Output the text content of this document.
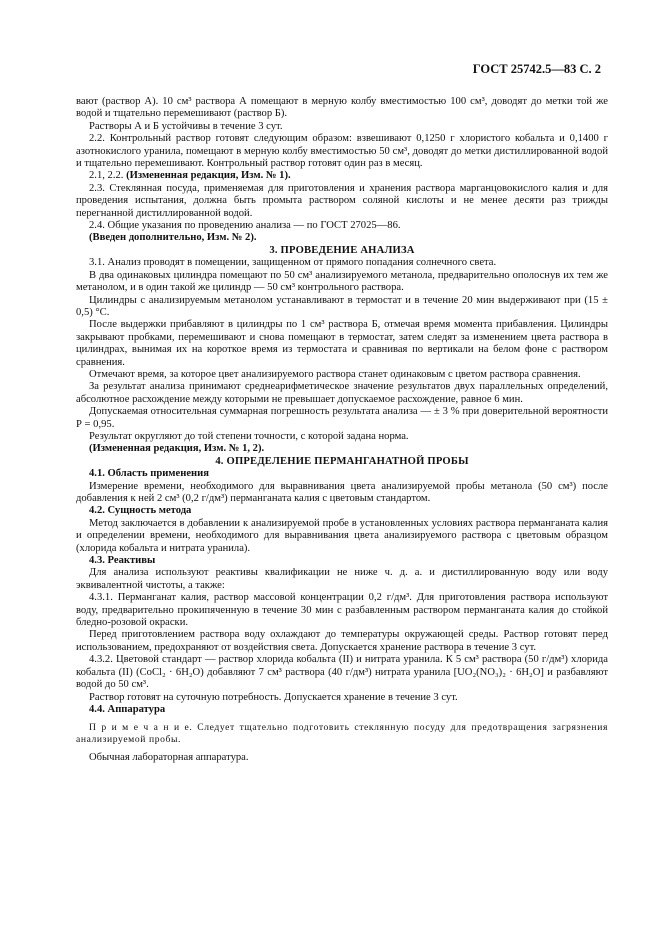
ГОСТ 25742.5—83 С. 2

вают (раствор А). 10 см³ раствора А помещают в мерную колбу вместимостью 100 см³, доводят до метки той же водой и тщательно перемешивают (раствор Б).

Растворы А и Б устойчивы в течение 3 сут.

2.2. Контрольный раствор готовят следующим образом: взвешивают 0,1250 г хлористого кобальта и 0,1400 г азотнокислого уранила, помещают в мерную колбу вместимостью 50 см³, доводят до метки дистиллированной водой и тщательно перемешивают. Контрольный раствор готовят один раз в месяц.

2.1, 2.2. (Измененная редакция, Изм. № 1).

2.3. Стеклянная посуда, применяемая для приготовления и хранения раствора марганцовокислого калия и для проведения испытания, должна быть промыта раствором соляной кислоты и не менее десяти раз трижды перегнанной дистиллированной водой.

2.4. Общие указания по проведению анализа — по ГОСТ 27025—86.

(Введен дополнительно, Изм. № 2).

3. ПРОВЕДЕНИЕ АНАЛИЗА

3.1. Анализ проводят в помещении, защищенном от прямого попадания солнечного света.

В два одинаковых цилиндра помещают по 50 см³ анализируемого метанола, предварительно ополоснув их тем же метанолом, и в один такой же цилиндр — 50 см³ контрольного раствора.

Цилиндры с анализируемым метанолом устанавливают в термостат и в течение 20 мин выдерживают при (15 ± 0,5) °С.

После выдержки прибавляют в цилиндры по 1 см³ раствора Б, отмечая время момента прибавления. Цилиндры закрывают пробками, перемешивают и снова помещают в термостат, затем следят за изменением цвета раствора в цилиндрах, вынимая их на короткое время из термостата и сравнивая по вертикали на белом фоне с раствором сравнения.

Отмечают время, за которое цвет анализируемого раствора станет одинаковым с цветом раствора сравнения.

За результат анализа принимают среднеарифметическое значение результатов двух параллельных определений, абсолютное расхождение между которыми не превышает допускаемое расхождение, равное 6 мин.

Допускаемая относительная суммарная погрешность результата анализа — ± 3 % при доверительной вероятности Р = 0,95.

Результат округляют до той степени точности, с которой задана норма.

(Измененная редакция, Изм. № 1, 2).

4. ОПРЕДЕЛЕНИЕ ПЕРМАНГАНАТНОЙ ПРОБЫ

4.1. Область применения

Измерение времени, необходимого для выравнивания цвета анализируемой пробы метанола (50 см³) после добавления к ней 2 см³ (0,2 г/дм³) перманганата калия с цветовым стандартом.

4.2. Сущность метода

Метод заключается в добавлении к анализируемой пробе в установленных условиях раствора перманганата калия и определении времени, необходимого для выравнивания цвета анализируемого раствора с цветовым образцом (хлорида кобальта и нитрата уранила).

4.3. Реактивы

Для анализа используют реактивы квалификации не ниже ч. д. а. и дистиллированную воду или воду эквивалентной чистоты, а также:

4.3.1. Перманганат калия, раствор массовой концентрации 0,2 г/дм³. Для приготовления раствора используют воду, предварительно прокипяченную в течение 30 мин с разбавленным раствором перманганата калия до стойкой бледно-розовой окраски.

Перед приготовлением раствора воду охлаждают до температуры окружающей среды. Раствор готовят перед использованием, предохраняют от воздействия света. Допускается хранение раствора в течение 3 сут.

4.3.2. Цветовой стандарт — раствор хлорида кобальта (II) и нитрата уранила. К 5 см³ раствора (50 г/дм³) хлорида кобальта (II) (CoCl₂ · 6H₂O) добавляют 7 см³ раствора (40 г/дм³) нитрата уранила [UO₂(NO₃)₂ · 6H₂O] и разбавляют водой до 50 см³.

Раствор готовят на суточную потребность. Допускается хранение в течение 3 сут.

4.4. Аппаратура

П р и м е ч а н и е. Следует тщательно подготовить стеклянную посуду для предотвращения загрязнения анализируемой пробы.

Обычная лабораторная аппаратура.
